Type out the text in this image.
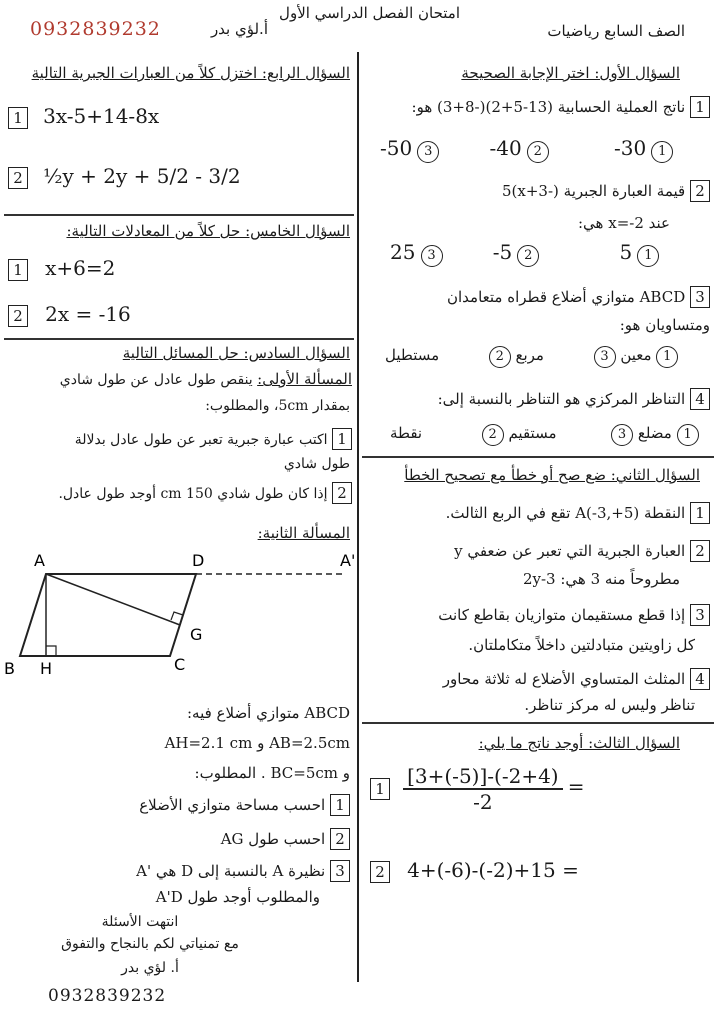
0932839232	أ.لؤي بدر
امتحان الفصل الدراسي الأول
الصف السابع رياضيات
السؤال الأول: اختر الإجابة الصحيحة
1 ناتج العملية الحسابية (13-5+2)(-8+3) هو:
-50 3	-40 2	-30 1
2 قيمة العبارة الجبرية (-x+3)5
عند x=-2 هي:
25 3	-5 2	5 1
3 ABCD متوازي أضلاع قطراه متعامدان
ومتساويان هو:
معين 3  مربع 2  مستطيل	1
4 التناظر المركزي هو التناظر بالنسبة إلى:
مضلع 3  مستقيم 2  نقطة	1
السؤال الثاني: ضع صح أو خطأ مع تصحيح الخطأ
1 النقطة A(-3,+5) تقع في الربع الثالث.
2 العبارة الجبرية التي تعبر عن ضعفي y
مطروحاً منه 3 هي: 3-2y
3 إذا قطع مستقيمان متوازيان بقاطع كانت
كل زاويتين متبادلتين داخلاً متكاملتان.
4 المثلث المتساوي الأضلاع له ثلاثة محاور
تناظر وليس له مركز تناظر.
السؤال الثالث: أوجد ناتج ما يلي:
$1 \frac{[3+(-5)]-(-2+4)}{-2}$ =
2 4+(-6)-(-2)+15 =
السؤال الرابع: اختزل كلاً من العبارات الجبرية التالية
1 3x-5+14-8x
2 ½y + 2y + 5/2 - 3/2
السؤال الخامس: حل كلاً من المعادلات التالية:
1 x+6=2
2 2x = -16
السؤال السادس: حل المسائل التالية
المسألة الأولى: ينقص طول عادل عن طول شادي
بمقدار 5cm، والمطلوب:
1 اكتب عبارة جبرية تعبر عن طول عادل بدلالة
طول شادي
2 إذا كان طول شادي 150 cm أوجد طول عادل.
المسألة الثانية:
A	D	A'
B H	C
G
ABCD متوازي أضلاع فيه:
AB=2.5cm و AH=2.1 cm
و BC=5cm . المطلوب:
1 احسب مساحة متوازي الأضلاع
2 احسب طول AG
3 نظيرة A بالنسبة إلى D هي 'A
والمطلوب أوجد طول A'D
انتهت الأسئلة
مع تمنياتي لكم بالنجاح والتفوق
أ. لؤي بدر
0932839232
